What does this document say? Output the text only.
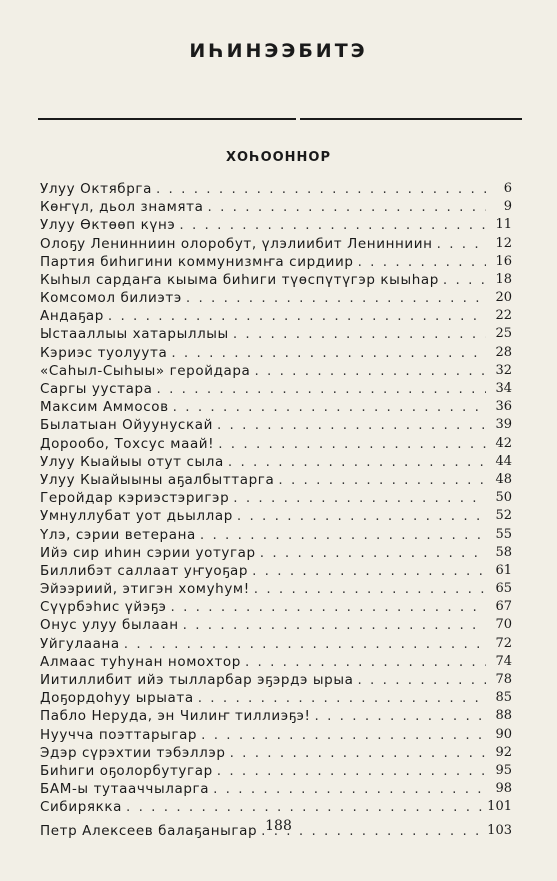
ИҺИНЭЭБИТЭ
ХОҺООННОР
Улуу Октябрга . . .	6
Көҥүл, дьол знамята . . .	9
Улуу Өктөөп күнэ . . .	11
Олоҕу Ленинниин олоробут, үлэлиибит Ленинниин . . .	12
Партия биһигини коммунизмҥа сирдиир . . .	16
Кыһыл сардаҥа кыыма биһиги түөспүтүгэр кыыһар . . .	18
Комсомол билиэтэ . . .	20
Андаҕар . . .	22
Ыстааллыы хатарыллыы . . .	25
Кэриэс туолуута . . .	28
«Саһыл-Сыһыы» геройдара . . .	32
Саргы уустара . . .	34
Максим Аммосов . . .	36
Былатыан Ойуунускай . . .	39
Дорообо, Тохсус маай! . . .	42
Улуу Кыайыы отут сыла . . .	44
Улуу Кыайыыны аҕалбыттарга . . .	48
Геройдар кэриэстэригэр . . .	50
Умнуллубат уот дьыллар . . .	52
Үлэ, сэрии ветерана . . .	55
Ийэ сир иһин сэрии уотугар . . .	58
Биллибэт саллаат уҥуоҕар . . .	61
Эйээриий, этигэн хомуһум! . . .	65
Сүүрбэһис үйэҕэ . . .	67
Онус улуу былаан . . .	70
Уйгулаана . . .	72
Алмаас туһунан номохтор . . .	74
Иитиллибит ийэ тылларбар эҕэрдэ ырыа . . .	78
Доҕордоһуу ырыата . . .	85
Пабло Неруда, эн Чилиҥ тиллиэҕэ! . . .	88
Нуучча поэттарыгар . . .	90
Эдэр сүрэхтии тэбэллэр . . .	92
Биһиги оҕолорбутугар . . .	95
БАМ-ы тутааччыларга . . .	98
Сибирякка . . .	101
Петр Алексеев балаҕаныгар . . .	103
188
